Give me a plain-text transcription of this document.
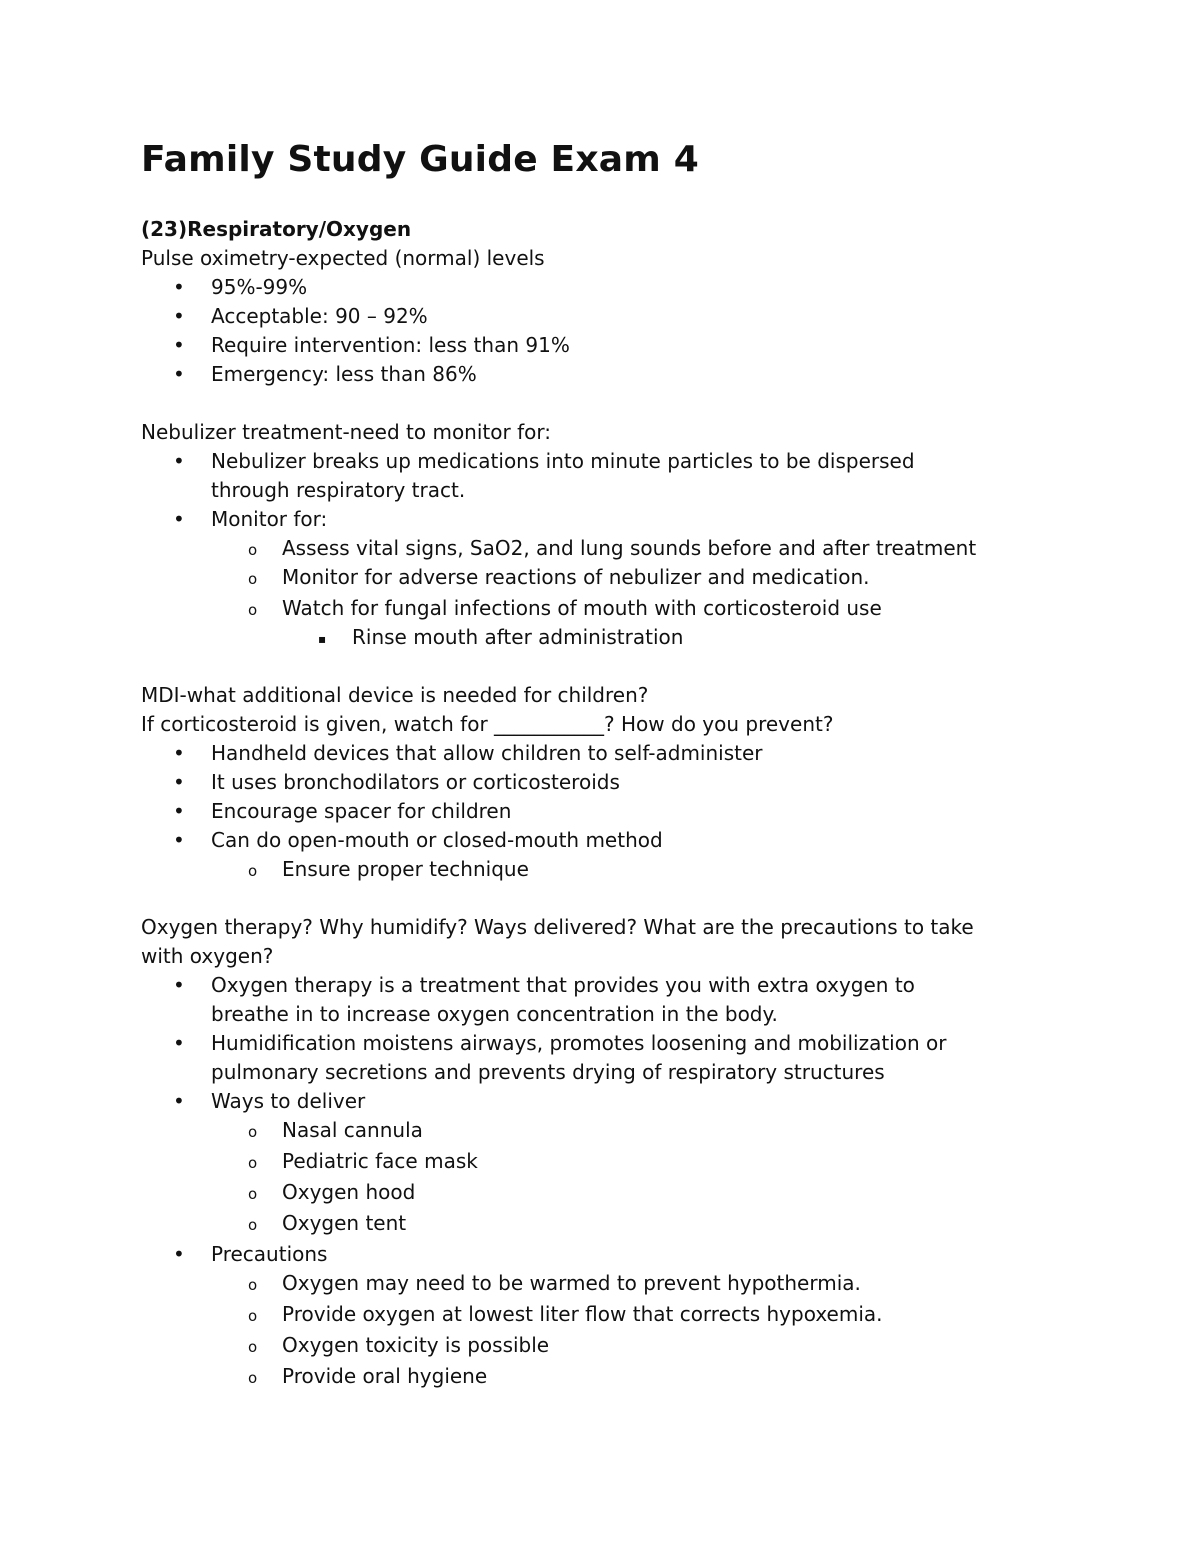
Family Study Guide Exam 4
(23)Respiratory/Oxygen
Pulse oximetry-expected (normal) levels
• 95%-99%
• Acceptable: 90 – 92%
• Require intervention: less than 91%
• Emergency: less than 86%
Nebulizer treatment-need to monitor for:
• Nebulizer breaks up medications into minute particles to be dispersed
through respiratory tract.
• Monitor for:
o Assess vital signs, SaO2, and lung sounds before and after treatment
o Monitor for adverse reactions of nebulizer and medication.
o Watch for fungal infections of mouth with corticosteroid use
▪ Rinse mouth after administration
MDI-what additional device is needed for children?
If corticosteroid is given, watch for ___________? How do you prevent?
• Handheld devices that allow children to self-administer
• It uses bronchodilators or corticosteroids
• Encourage spacer for children
• Can do open-mouth or closed-mouth method
o Ensure proper technique
Oxygen therapy? Why humidify? Ways delivered? What are the precautions to take
with oxygen?
• Oxygen therapy is a treatment that provides you with extra oxygen to
breathe in to increase oxygen concentration in the body.
• Humidification moistens airways, promotes loosening and mobilization or
pulmonary secretions and prevents drying of respiratory structures
• Ways to deliver
o Nasal cannula
o Pediatric face mask
o Oxygen hood
o Oxygen tent
• Precautions
o Oxygen may need to be warmed to prevent hypothermia.
o Provide oxygen at lowest liter flow that corrects hypoxemia.
o Oxygen toxicity is possible
o Provide oral hygiene
